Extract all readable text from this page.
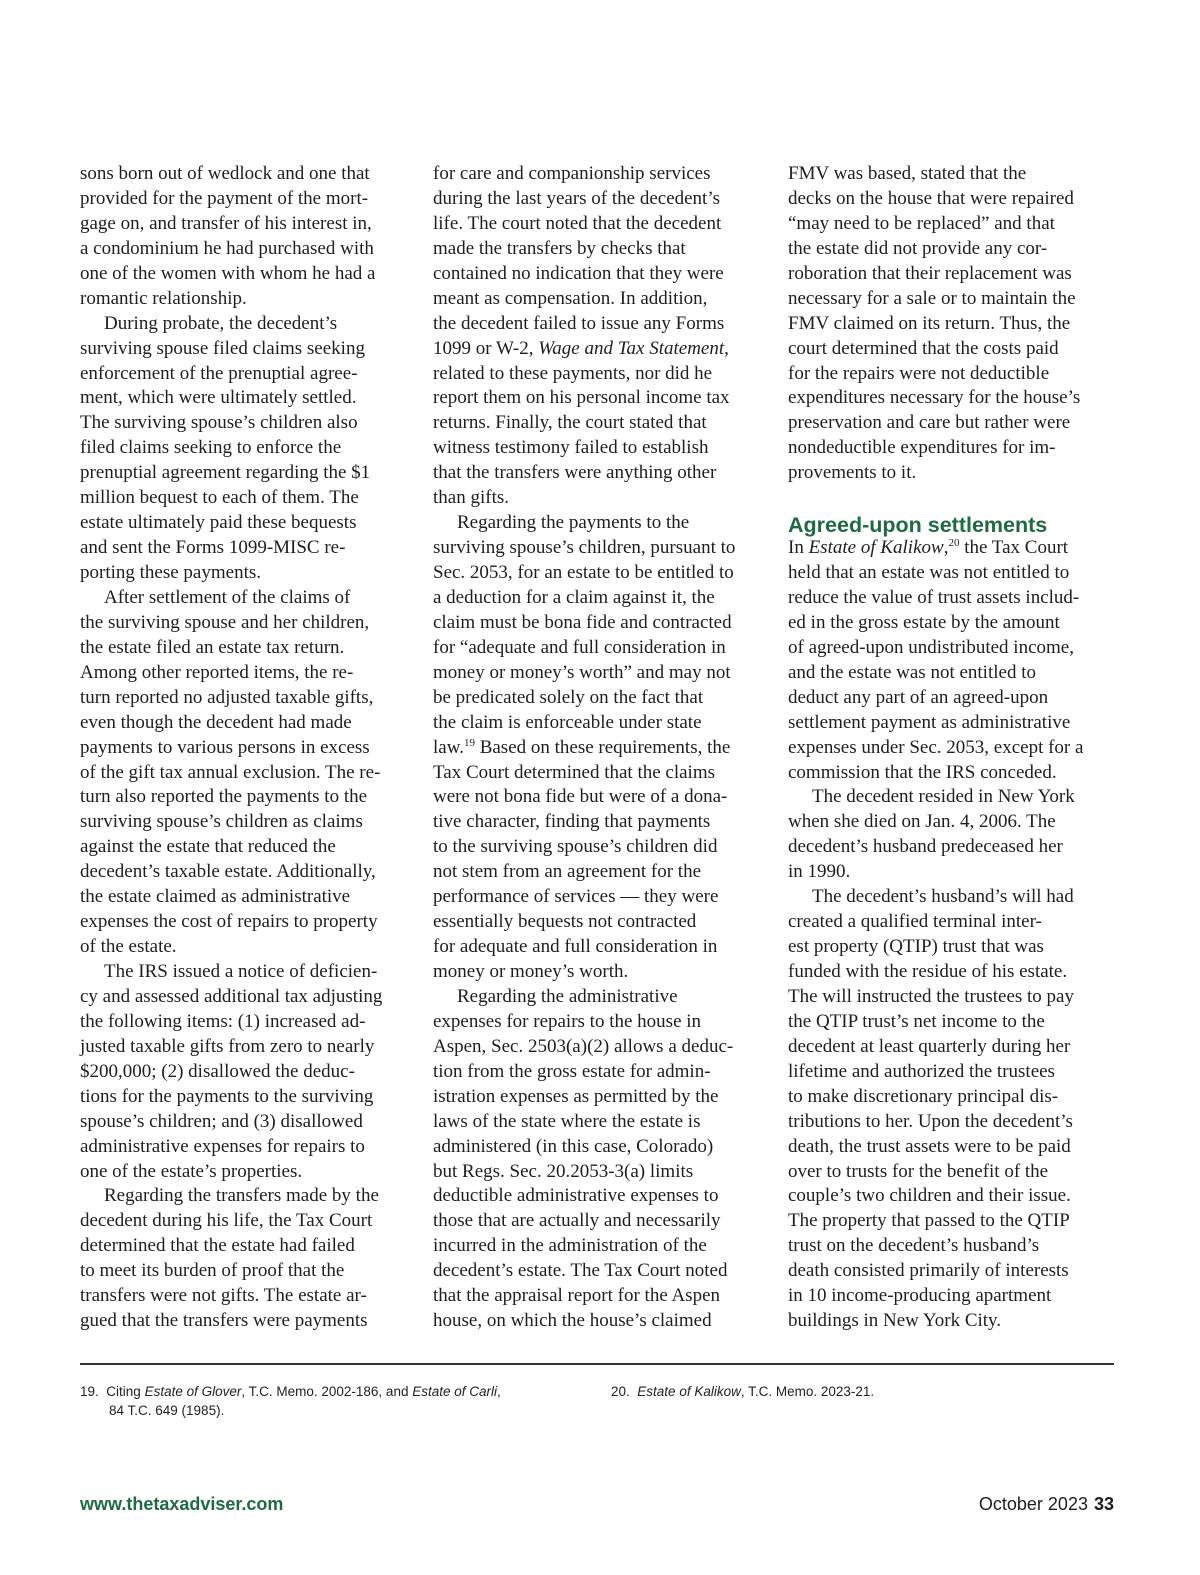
sons born out of wedlock and one that
provided for the payment of the mort-
gage on, and transfer of his interest in,
a condominium he had purchased with
one of the women with whom he had a
romantic relationship.
During probate, the decedent’s
surviving spouse filed claims seeking
enforcement of the prenuptial agree-
ment, which were ultimately settled.
The surviving spouse’s children also
filed claims seeking to enforce the
prenuptial agreement regarding the $1
million bequest to each of them. The
estate ultimately paid these bequests
and sent the Forms 1099-MISC re-
porting these payments.
After settlement of the claims of
the surviving spouse and her children,
the estate filed an estate tax return.
Among other reported items, the re-
turn reported no adjusted taxable gifts,
even though the decedent had made
payments to various persons in excess
of the gift tax annual exclusion. The re-
turn also reported the payments to the
surviving spouse’s children as claims
against the estate that reduced the
decedent’s taxable estate. Additionally,
the estate claimed as administrative
expenses the cost of repairs to property
of the estate.
The IRS issued a notice of deficien-
cy and assessed additional tax adjusting
the following items: (1) increased ad-
justed taxable gifts from zero to nearly
$200,000; (2) disallowed the deduc-
tions for the payments to the surviving
spouse’s children; and (3) disallowed
administrative expenses for repairs to
one of the estate’s properties.
Regarding the transfers made by the
decedent during his life, the Tax Court
determined that the estate had failed
to meet its burden of proof that the
transfers were not gifts. The estate ar-
gued that the transfers were payments
for care and companionship services
during the last years of the decedent’s
life. The court noted that the decedent
made the transfers by checks that
contained no indication that they were
meant as compensation. In addition,
the decedent failed to issue any Forms
1099 or W-2, Wage and Tax Statement,
related to these payments, nor did he
report them on his personal income tax
returns. Finally, the court stated that
witness testimony failed to establish
that the transfers were anything other
than gifts.
Regarding the payments to the
surviving spouse’s children, pursuant to
Sec. 2053, for an estate to be entitled to
a deduction for a claim against it, the
claim must be bona fide and contracted
for “adequate and full consideration in
money or money’s worth” and may not
be predicated solely on the fact that
the claim is enforceable under state
law.$^{19}$ Based on these requirements, the
Tax Court determined that the claims
were not bona fide but were of a dona-
tive character, finding that payments
to the surviving spouse’s children did
not stem from an agreement for the
performance of services — they were
essentially bequests not contracted
for adequate and full consideration in
money or money’s worth.
Regarding the administrative
expenses for repairs to the house in
Aspen, Sec. 2503(a)(2) allows a deduc-
tion from the gross estate for admin-
istration expenses as permitted by the
laws of the state where the estate is
administered (in this case, Colorado)
but Regs. Sec. 20.2053-3(a) limits
deductible administrative expenses to
those that are actually and necessarily
incurred in the administration of the
decedent’s estate. The Tax Court noted
that the appraisal report for the Aspen
house, on which the house’s claimed
FMV was based, stated that the
decks on the house that were repaired
“may need to be replaced” and that
the estate did not provide any cor-
roboration that their replacement was
necessary for a sale or to maintain the
FMV claimed on its return. Thus, the
court determined that the costs paid
for the repairs were not deductible
expenditures necessary for the house’s
preservation and care but rather were
nondeductible expenditures for im-
provements to it.
Agreed-upon settlements
In Estate of Kalikow,$^{20}$ the Tax Court
held that an estate was not entitled to
reduce the value of trust assets includ-
ed in the gross estate by the amount
of agreed-upon undistributed income,
and the estate was not entitled to
deduct any part of an agreed-upon
settlement payment as administrative
expenses under Sec. 2053, except for a
commission that the IRS conceded.
The decedent resided in New York
when she died on Jan. 4, 2006. The
decedent’s husband predeceased her
in 1990.
The decedent’s husband’s will had
created a qualified terminal inter-
est property (QTIP) trust that was
funded with the residue of his estate.
The will instructed the trustees to pay
the QTIP trust’s net income to the
decedent at least quarterly during her
lifetime and authorized the trustees
to make discretionary principal dis-
tributions to her. Upon the decedent’s
death, the trust assets were to be paid
over to trusts for the benefit of the
couple’s two children and their issue.
The property that passed to the QTIP
trust on the decedent’s husband’s
death consisted primarily of interests
in 10 income-producing apartment
buildings in New York City.
19. Citing Estate of Glover, T.C. Memo. 2002-186, and Estate of Carli,
84 T.C. 649 (1985).
20. Estate of Kalikow, T.C. Memo. 2023-21.
www.thetaxadviser.com	October 2023 33
